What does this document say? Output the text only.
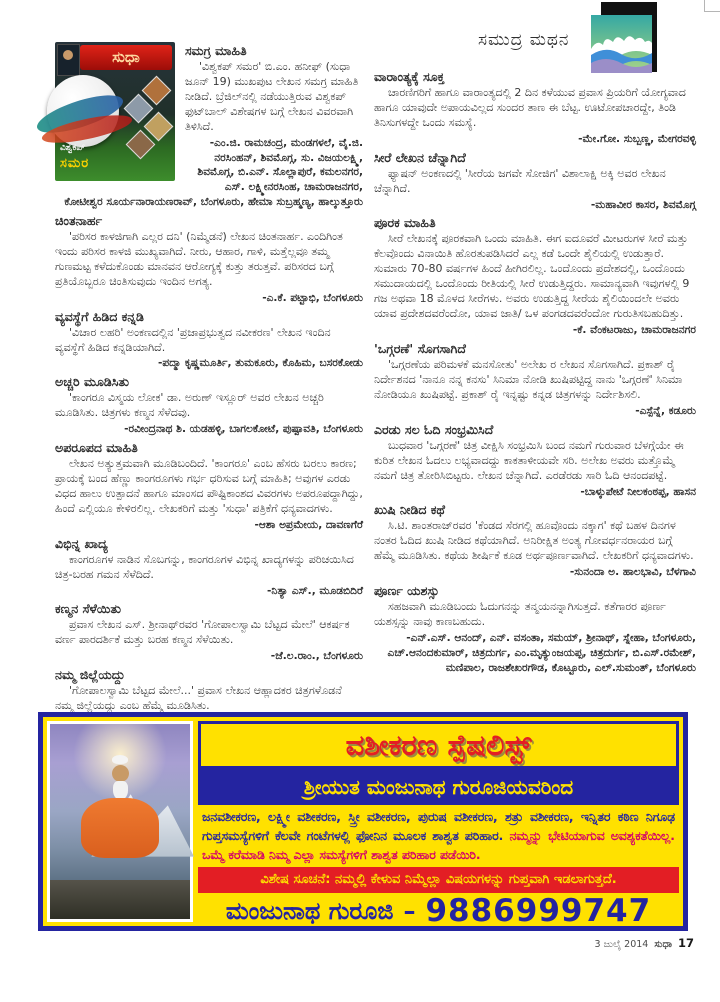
ಸಮುದ್ರ ಮಥನ
ಸುಧಾ
ವಿಶ್ವಕಪ್
ಸಮರ
ಸಮಗ್ರ ಮಾಹಿತಿ

'ವಿಶ್ವಕಪ್ ಸಮರ' ಬಿ.ಎಂ. ಹನೀಫ್ (ಸುಧಾ ಜೂನ್ 19) ಮುಖಪುಟ ಲೇಖನ ಸಮಗ್ರ ಮಾಹಿತಿ ನೀಡಿದೆ. ಬ್ರೆಜಿಲ್‌ನಲ್ಲಿ ನಡೆಯುತ್ತಿರುವ ವಿಶ್ವಕಪ್ ಫುಟ್‌ಬಾಲ್ ವಿಶೇಷಗಳ ಬಗ್ಗೆ ಲೇಖನ ವಿವರವಾಗಿ ತಿಳಿಸಿದೆ.

-ಎಂ.ಜಿ. ರಾಮಚಂದ್ರ, ಮಂಡಗಳಲೆ, ವೈ.ಜಿ. ನರಸಿಂಹನ್, ಶಿವಮೊಗ್ಗ, ಸು. ವಿಜಯಲಕ್ಷ್ಮಿ, ಶಿವಮೊಗ್ಗ, ಬಿ.ಎನ್. ಸೊಲ್ಲಾಪುರೆ, ಕಮಲನಗರ, ಎಸ್. ಲಕ್ಷ್ಮೀನರಸಿಂಹ, ಚಾಮರಾಜನಗರ, ಕೋಟೀಶ್ವರ ಸೂರ್ಯನಾರಾಯಣರಾವ್, ಬೆಂಗಳೂರು, ಹೇಮಾ ಸುಬ್ರಹ್ಮಣ್ಯ, ಹಾಲ್ಕುತ್ತೂರು

ಚಿಂತನಾರ್ಹ

'ಪರಿಸರ ಕಾಳಜಿಗಾಗಿ ಎಲ್ಲರ ದನಿ' (ನಿಮ್ಮೆಡನೆ) ಲೇಖನ ಚಿಂತನಾರ್ಹ. ಎಂದಿಗಿಂತ ಇಂದು ಪರಿಸರ ಕಾಳಜಿ ಮುಖ್ಯವಾಗಿದೆ. ನೀರು, ಆಹಾರ, ಗಾಳಿ, ಮತ್ತೆಲ್ಲವೂ ತಮ್ಮ ಗುಣಮಟ್ಟ ಕಳೆದುಕೊಂಡು ಮಾನವನ ಆರೋಗ್ಯಕ್ಕೆ ಕುತ್ತು ತರುತ್ತವೆ. ಪರಿಸರದ ಬಗ್ಗೆ ಪ್ರತಿಯೊಬ್ಬರೂ ಚಿಂತಿಸುವುದು ಇಂದಿನ ಅಗತ್ಯ.

-ಎ.ಕೆ. ಪಟ್ಟಾಭಿ, ಬೆಂಗಳೂರು

ವ್ಯವಸ್ಥೆಗೆ ಹಿಡಿದ ಕನ್ನಡಿ

'ವಿಚಾರ ಲಹರಿ' ಅಂಕಣದಲ್ಲಿನ 'ಪ್ರಜಾಪ್ರಭುತ್ವದ ನವೀಕರಣ' ಲೇಖನ ಇಂದಿನ ವ್ಯವಸ್ಥೆಗೆ ಹಿಡಿದ ಕನ್ನಡಿಯಾಗಿದೆ.

-ಪದ್ಮಾ ಕೃಷ್ಣಮೂರ್ತಿ, ತುಮಕೂರು, ಕೊಹಿಮ, ಬಸರಕೋಡು

ಅಚ್ಚರಿ ಮೂಡಿಸಿತು

'ಕಾಂಗರೂ ವಿಸ್ಮಯ ಲೋಕ' ಡಾ. ಅರುಣ್ ಇಸ್ಲೂರ್ ಅವರ ಲೇಖನ ಅಚ್ಚರಿ ಮೂಡಿಸಿತು. ಚಿತ್ರಗಳು ಕಣ್ಮನ ಸೆಳೆದವು.

-ರವೀಂದ್ರನಾಥ ಶಿ. ಯಡಹಳ್ಳಿ, ಬಾಗಲಕೋಟೆ, ಪುಷ್ಪಾವತಿ, ಬೆಂಗಳೂರು

ಅಪರೂಪದ ಮಾಹಿತಿ

ಲೇಖನ ಅತ್ಯುತ್ತಮವಾಗಿ ಮೂಡಿಬಂದಿದೆ. 'ಕಾಂಗರೂ' ಎಂಬ ಹೆಸರು ಬರಲು ಕಾರಣ; ಪ್ರಾಯಕ್ಕೆ ಬಂದ ಹೆಣ್ಣು ಕಾಂಗರೂಗಳು ಗರ್ಭ ಧರಿಸುವ ಬಗ್ಗೆ ಮಾಹಿತಿ; ಅವುಗಳ ಎರಡು ವಿಧದ ಹಾಲು ಉತ್ಪಾದನೆ ಹಾಗೂ ಮಾಂಸದ ಪೌಷ್ಟಿಕಾಂಶದ ವಿವರಗಳು ಅಪರೂಪದ್ದಾಗಿದ್ದು, ಹಿಂದೆ ಎಲ್ಲಿಯೂ ಕೇಳಿರಲಿಲ್ಲ. ಲೇಖಕರಿಗೆ ಮತ್ತು 'ಸುಧಾ' ಪತ್ರಿಕೆಗೆ ಧನ್ಯವಾದಗಳು.

-ಆಶಾ ಅಪ್ರಮೇಯ, ದಾವಣಗೆರೆ

ವಿಭಿನ್ನ ಖಾದ್ಯ

ಕಾಂಗರೂಗಳ ನಾಡಿನ ಸೊಬಗನ್ನು, ಕಾಂಗರೂಗಳ ವಿಭಿನ್ನ ಖಾದ್ಯಗಳನ್ನು ಪರಿಚಯಿಸಿದ ಚಿತ್ರ-ಬರಹ ಗಮನ ಸೆಳೆದಿದೆ.

-ನಿತ್ಯಾ ಎಸ್., ಮೂಡಬಿದಿರೆ

ಕಣ್ಮನ ಸೆಳೆಯಿತು

ಪ್ರವಾಸ ಲೇಖನ ಎಸ್. ಶ್ರೀನಾಥ್‌ರವರ 'ಗೋಪಾಲಸ್ವಾಮಿ ಬೆಟ್ಟದ ಮೇಲೆ' ಆಕರ್ಷಕ ವರ್ಣ ಪಾರದರ್ಶಿಕೆ ಮತ್ತು ಬರಹ ಕಣ್ಮನ ಸೆಳೆಯಿತು.

-ಜೆ.ಲ.ರಾಂ., ಬೆಂಗಳೂರು

ನಮ್ಮ ಜಿಲ್ಲೆಯದ್ದು

'ಗೋಪಾಲಸ್ವಾಮಿ ಬೆಟ್ಟದ ಮೇಲೆ...' ಪ್ರವಾಸ ಲೇಖನ ಆಹ್ಲಾದಕರ ಚಿತ್ರಗಳೊಡನೆ ನಮ್ಮ ಜಿಲ್ಲೆಯದ್ದು ಎಂಬ ಹೆಮ್ಮೆ ಮೂಡಿಸಿತು.

ವಾರಾಂತ್ಯಕ್ಕೆ ಸೂಕ್ತ

ಚಾರಣಿಗರಿಗೆ ಹಾಗೂ ವಾರಾಂತ್ಯದಲ್ಲಿ 2 ದಿನ ಕಳೆಯುವ ಪ್ರವಾಸ ಪ್ರಿಯರಿಗೆ ಯೋಗ್ಯವಾದ ಹಾಗೂ ಯಾವುದೇ ಅಪಾಯವಿಲ್ಲದ ಸುಂದರ ತಾಣ ಈ ಬೆಟ್ಟ. ಊಟೋಪಚಾರದ್ದೇ, ತಿಂಡಿ ತಿನಿಸುಗಳದ್ದೇ ಒಂದು ಸಮಸ್ಯೆ.

-ಮೇ.ಗೋ. ಸುಬ್ಬಣ್ಣ, ಮೇಗರವಳ್ಳಿ

ಸೀರೆ ಲೇಖನ ಚೆನ್ನಾಗಿದೆ

ಫ್ಯಾಷನ್ ಅಂಕಣದಲ್ಲಿ 'ಸೀರೆಯ ಜಗವೇ ಸೋಜಿಗ' ವಿಶಾಲಾಕ್ಷಿ ಅಕ್ಕಿ ಅವರ ಲೇಖನ ಚೆನ್ನಾಗಿದೆ.

-ಮಹಾವೀರ ಕಾಸರ, ಶಿವಮೊಗ್ಗ

ಪೂರಕ ಮಾಹಿತಿ

ಸೀರೆ ಲೇಖನಕ್ಕೆ ಪೂರಕವಾಗಿ ಒಂದು ಮಾಹಿತಿ. ಈಗ ಐದೂವರೆ ಮೀಟರುಗಳ ಸೀರೆ ಮತ್ತು ಕೆಲವೊಂದು ವಿನಾಯಿತಿ ಹೊರತುಪಡಿಸಿದರೆ ಎಲ್ಲ ಕಡೆ ಒಂದೇ ಶೈಲಿಯಲ್ಲಿ ಉಡುತ್ತಾರೆ. ಸುಮಾರು 70-80 ವರ್ಷಗಳ ಹಿಂದೆ ಹೀಗಿರಲಿಲ್ಲ. ಒಂದೊಂದು ಪ್ರದೇಶದಲ್ಲಿ, ಒಂದೊಂದು ಸಮುದಾಯದಲ್ಲಿ ಒಂದೊಂದು ರೀತಿಯಲ್ಲಿ ಸೀರೆ ಉಡುತ್ತಿದ್ದರು. ಸಾಮಾನ್ಯವಾಗಿ ಇವುಗಳಲ್ಲಿ 9 ಗಜ ಅಥವಾ 18 ಮೊಳದ ಸೀರೆಗಳು. ಅವರು ಉಡುತ್ತಿದ್ದ ಸೀರೆಯ ಶೈಲಿಯಿಂದಲೇ ಅವರು ಯಾವ ಪ್ರದೇಶದವರೆಂದೋ, ಯಾವ ಜಾತಿ/ ಒಳ ಪಂಗಡದವರೆಂದೋ ಗುರುತಿಸಬಹುದಿತ್ತು.

-ಕೆ. ವೆಂಕಟರಾಜು, ಚಾಮರಾಜನಗರ

'ಒಗ್ಗರಣೆ' ಸೊಗಸಾಗಿದೆ

'ಒಗ್ಗರಣೆಯ ಪರಿಮಳಕೆ ಮನಸೋತು' ಅಲೇಖ ರ ಲೇಖನ ಸೊಗಸಾಗಿದೆ. ಪ್ರಕಾಶ್ ರೈ ನಿರ್ದೇಶನದ 'ನಾನೂ ನನ್ನ ಕನಸು' ಸಿನಿಮಾ ನೋಡಿ ಖುಷಿಪಟ್ಟಿದ್ದ ನಾನು 'ಒಗ್ಗರಣೆ' ಸಿನಿಮಾ ನೋಡಿಯೂ ಖುಷಿಪಟ್ಟೆ. ಪ್ರಕಾಶ್ ರೈ ಇನ್ನಷ್ಟು ಕನ್ನಡ ಚಿತ್ರಗಳನ್ನು ನಿರ್ದೇಶಿಸಲಿ.

-ಎಸ್ಪೆನ್ನೆ, ಕಡೂರು

ಎರಡು ಸಲ ಓದಿ ಸಂಭ್ರಮಿಸಿದೆ

ಬುಧವಾರ 'ಒಗ್ಗರಣೆ' ಚಿತ್ರ ವೀಕ್ಷಿಸಿ ಸಂಭ್ರಮಿಸಿ ಬಂದ ನಮಗೆ ಗುರುವಾರ ಬೆಳಗ್ಗೆಯೇ ಈ ಕುರಿತ ಲೇಖನ ಓದಲು ಲಭ್ಯವಾದದ್ದು ಕಾಕತಾಳೀಯವೇ ಸರಿ. ಅಲೇಖ ಅವರು ಮತ್ತೊಮ್ಮೆ ನಮಗೆ ಚಿತ್ರ ತೋರಿಸಿಬಿಟ್ಟರು. ಲೇಖನ ಚೆನ್ನಾಗಿದೆ. ಎರಡೆರಡು ಸಾರಿ ಓದಿ ಆನಂದಪಟ್ಟೆ.

-ಬಾಳ್ಕುಪೇಟೆ ನೀಲಕಂಠಪ್ಪ, ಹಾಸನ

ಖುಷಿ ನೀಡಿದ ಕಥೆ

ಸಿ.ಟಿ. ಶಾಂತರಾಜ್‌ರವರ 'ಕೆಂಡದ ಸೆರಗಲ್ಲಿ ಹೂವೊಂದು ನಕ್ಕಾಗ' ಕಥೆ ಬಹಳ ದಿನಗಳ ನಂತರ ಓದಿದ ಖುಷಿ ನೀಡಿದ ಕಥೆಯಾಗಿದೆ. ಅನಿರೀಕ್ಷಿತ ಅಂತ್ಯ ಗೋವರ್ಧನರಾಯರ ಬಗ್ಗೆ ಹೆಮ್ಮೆ ಮೂಡಿಸಿತು. ಕಥೆಯ ಶೀರ್ಷಿಕೆ ಕೂಡ ಅರ್ಥಪೂರ್ಣವಾಗಿದೆ. ಲೇಖಕರಿಗೆ ಧನ್ಯವಾದಗಳು.

-ಸುನಂದಾ ಅ. ಹಾಲಭಾವಿ, ಬೆಳಗಾವಿ

ಪೂರ್ಣ ಯಶಸ್ಸು

ಸಹಜವಾಗಿ ಮೂಡಿಬಂದು ಓದುಗನನ್ನು ತನ್ಮಯನನ್ನಾಗಿಸುತ್ತದೆ. ಕತೆಗಾರರ ಪೂರ್ಣ ಯಶಸ್ಸನ್ನು ನಾವು ಕಾಣಬಹುದು.

-ಎನ್.ಎಸ್. ಆನಂದ್, ಎನ್. ವಸಂತಾ, ಸಮಯ್, ಶ್ರೀನಾಥ್, ಸ್ನೇಹಾ, ಬೆಂಗಳೂರು, ಎಚ್.ಆನಂದಕುಮಾರ್, ಚಿತ್ರದುರ್ಗ, ಎಂ.ಮೃತ್ಯುಂಜಯಪ್ಪ, ಚಿತ್ರದುರ್ಗ, ಬಿ.ಎಸ್.ರಮೇಶ್, ಮಣಿಪಾಲ, ರಾಜಶೇಖರಗೌಡ, ಕೊಟ್ಟೂರು, ಎಲ್.ಸುಮಂತ್, ಬೆಂಗಳೂರು

ವಶೀಕರಣ ಸ್ಪೆಷಲಿಸ್ಟ್
ಶ್ರೀಯುತ ಮಂಜುನಾಥ ಗುರೂಜಿಯವರಿಂದ
ಜನವಶೀಕರಣ, ಲಕ್ಷ್ಮೀ ವಶೀಕರಣ, ಸ್ತ್ರೀ ವಶೀಕರಣ, ಪುರುಷ ವಶೀಕರಣ, ಶತ್ರು ವಶೀಕರಣ, ಇನ್ನಿತರ ಕಠಿಣ ನಿಗೂಢ ಗುಪ್ತಸಮಸ್ಯೆಗಳಿಗೆ ಕೆಲವೇ ಗಂಟೆಗಳಲ್ಲಿ ಫೋನಿನ ಮೂಲಕ ಶಾಶ್ವತ ಪರಿಹಾರ. ನಮ್ಮನ್ನು ಭೇಟಿಯಾಗುವ ಅವಶ್ಯಕತೆಯಿಲ್ಲ. ಒಮ್ಮೆ ಕರೆಮಾಡಿ ನಿಮ್ಮ ಎಲ್ಲಾ ಸಮಸ್ಯೆಗಳಿಗೆ ಶಾಶ್ವತ ಪರಿಹಾರ ಪಡೆಯಿರಿ.
ವಿಶೇಷ ಸೂಚನೆ: ನಮ್ಮಲ್ಲಿ ಕೇಳುವ ನಿಮ್ಮೆಲ್ಲಾ ವಿಷಯಗಳನ್ನು ಗುಪ್ತವಾಗಿ ಇಡಲಾಗುತ್ತದೆ.
ಮಂಜುನಾಥ ಗುರೂಜಿ – 9886999747
3 ಜುಲೈ 2014 ಸುಧಾ 17
